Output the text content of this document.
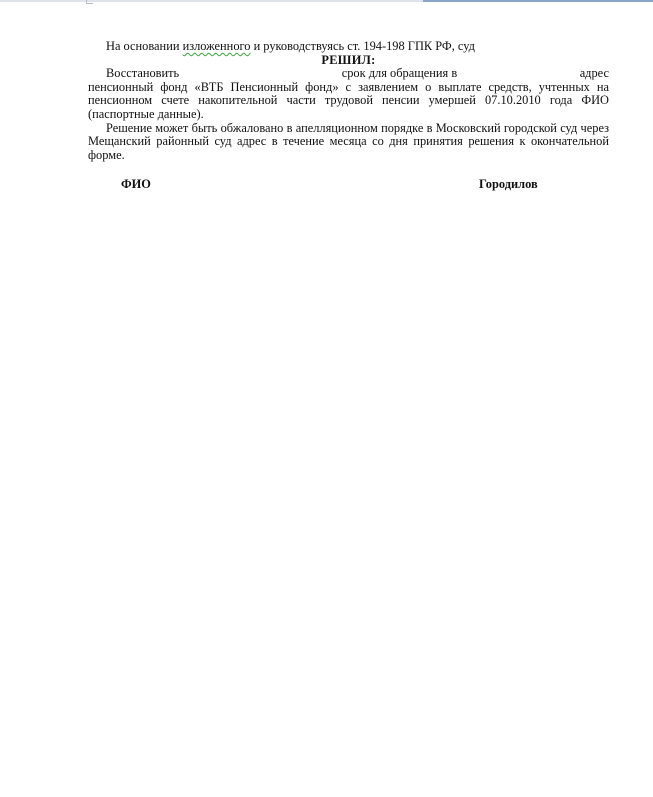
На основании изложенного и руководствуясь ст. 194-198 ГПК РФ, суд

РЕШИЛ:

Восстановить	срок для обращения в	адрес

пенсионный фонд «ВТБ Пенсионный фонд» с заявлением о выплате средств, учтенных на пенсионном счете накопительной части трудовой пенсии умершей 07.10.2010 года ФИО (паспортные данные).

Решение может быть обжаловано в апелляционном порядке в Московский городской суд через Мещанский районный суд адрес в течение месяца со дня принятия решения к окончательной форме.

ФИО	Городилов
